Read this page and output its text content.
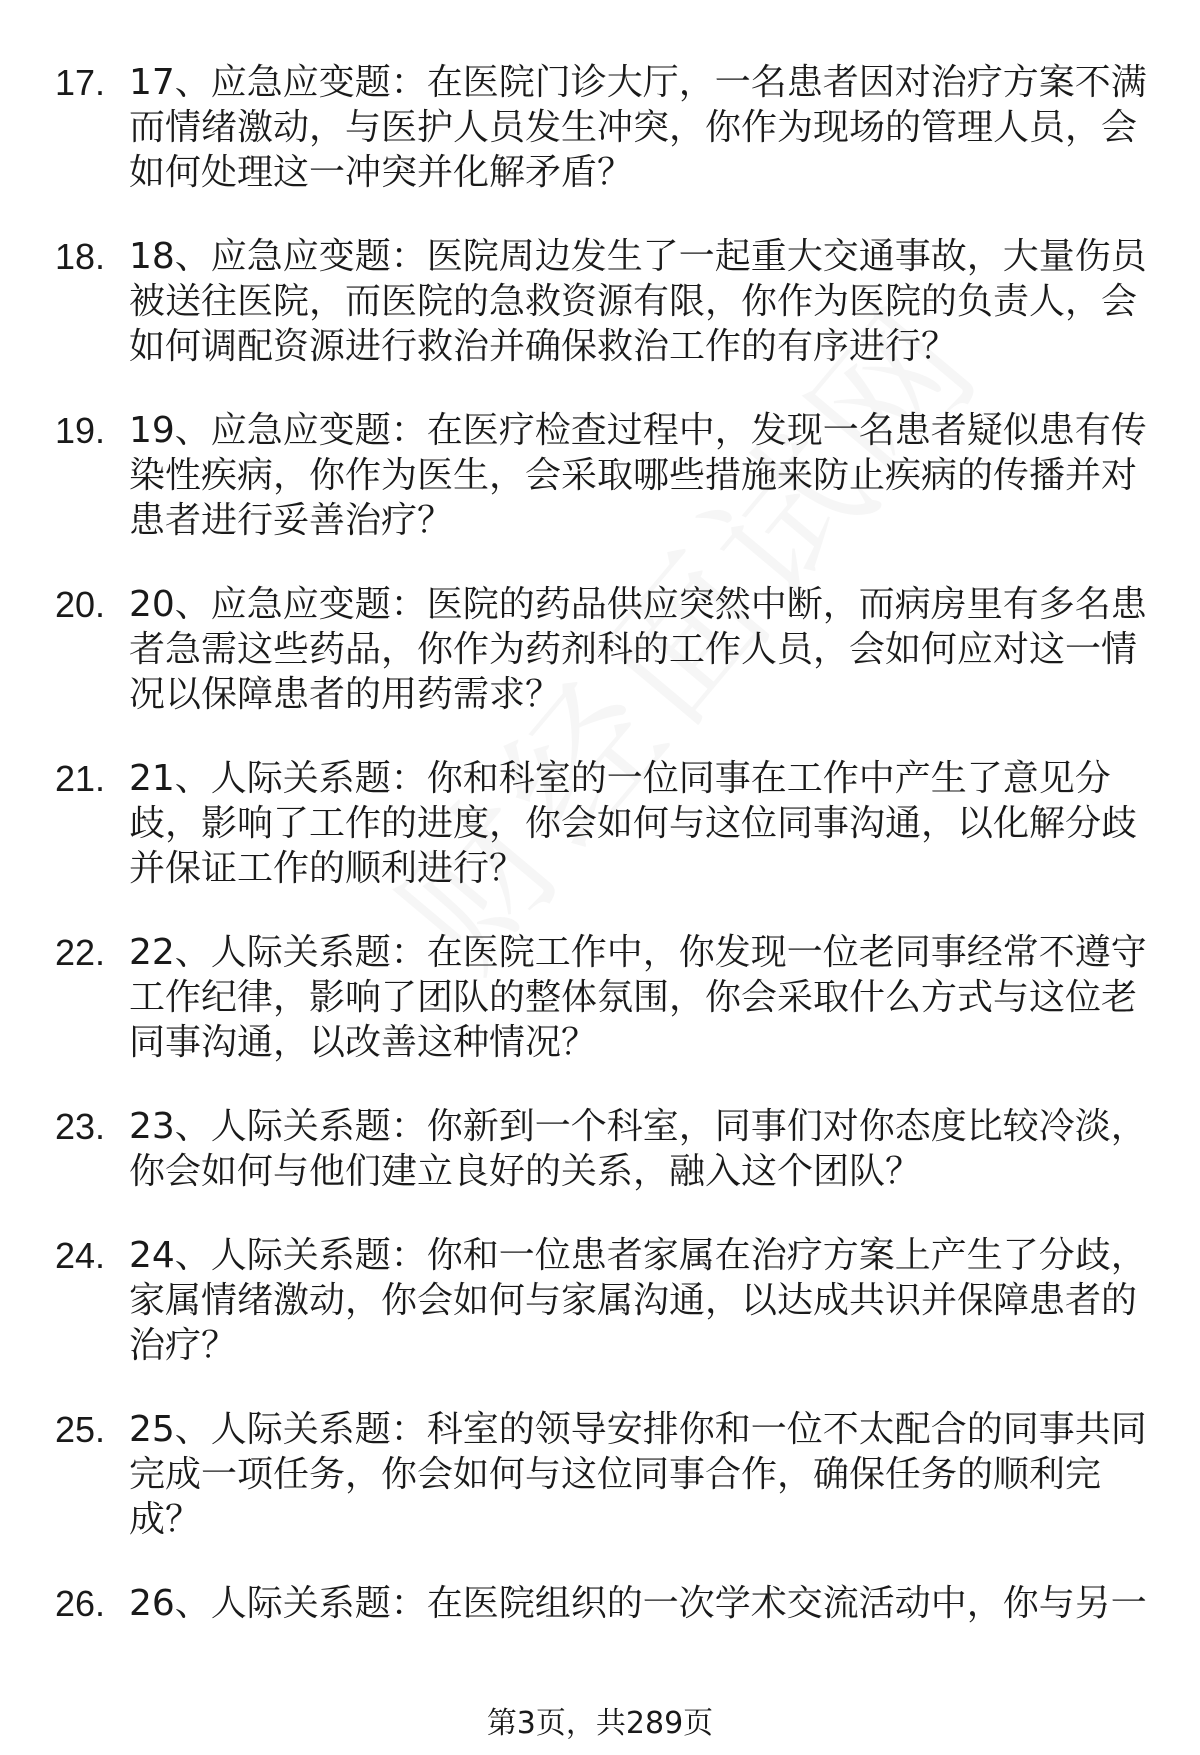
17. 17、应急应变题：在医院门诊大厅，一名患者因对治疗方案不满而情绪激动，与医护人员发生冲突，你作为现场的管理人员，会如何处理这一冲突并化解矛盾？
18. 18、应急应变题：医院周边发生了一起重大交通事故，大量伤员被送往医院，而医院的急救资源有限，你作为医院的负责人，会如何调配资源进行救治并确保救治工作的有序进行？
19. 19、应急应变题：在医疗检查过程中，发现一名患者疑似患有传染性疾病，你作为医生，会采取哪些措施来防止疾病的传播并对患者进行妥善治疗？
20. 20、应急应变题：医院的药品供应突然中断，而病房里有多名患者急需这些药品，你作为药剂科的工作人员，会如何应对这一情况以保障患者的用药需求？
21. 21、人际关系题：你和科室的一位同事在工作中产生了意见分歧，影响了工作的进度，你会如何与这位同事沟通，以化解分歧并保证工作的顺利进行？
22. 22、人际关系题：在医院工作中，你发现一位老同事经常不遵守工作纪律，影响了团队的整体氛围，你会采取什么方式与这位老同事沟通，以改善这种情况？
23. 23、人际关系题：你新到一个科室，同事们对你态度比较冷淡，你会如何与他们建立良好的关系，融入这个团队？
24. 24、人际关系题：你和一位患者家属在治疗方案上产生了分歧，家属情绪激动，你会如何与家属沟通，以达成共识并保障患者的治疗？
25. 25、人际关系题：科室的领导安排你和一位不太配合的同事共同完成一项任务，你会如何与这位同事合作，确保任务的顺利完成？
26. 26、人际关系题：在医院组织的一次学术交流活动中，你与另一
第3页，共289页
